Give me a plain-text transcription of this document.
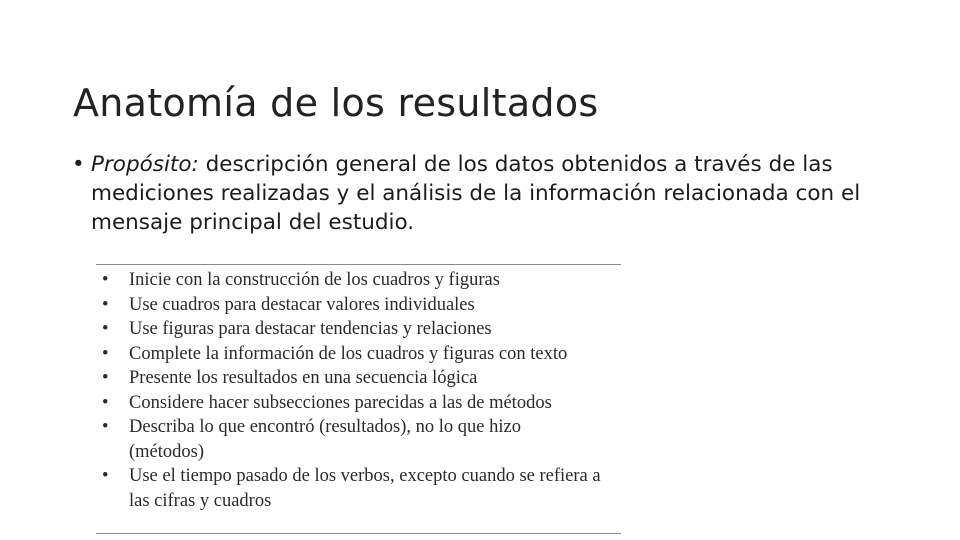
Anatomía de los resultados
• Propósito: descripción general de los datos obtenidos a través de las mediciones realizadas y el análisis de la información relacionada con el mensaje principal del estudio.
• Inicie con la construcción de los cuadros y figuras
• Use cuadros para destacar valores individuales
• Use figuras para destacar tendencias y relaciones
• Complete la información de los cuadros y figuras con texto
• Presente los resultados en una secuencia lógica
• Considere hacer subsecciones parecidas a las de métodos
• Describa lo que encontró (resultados), no lo que hizo (métodos)
• Use el tiempo pasado de los verbos, excepto cuando se refiera a las cifras y cuadros
